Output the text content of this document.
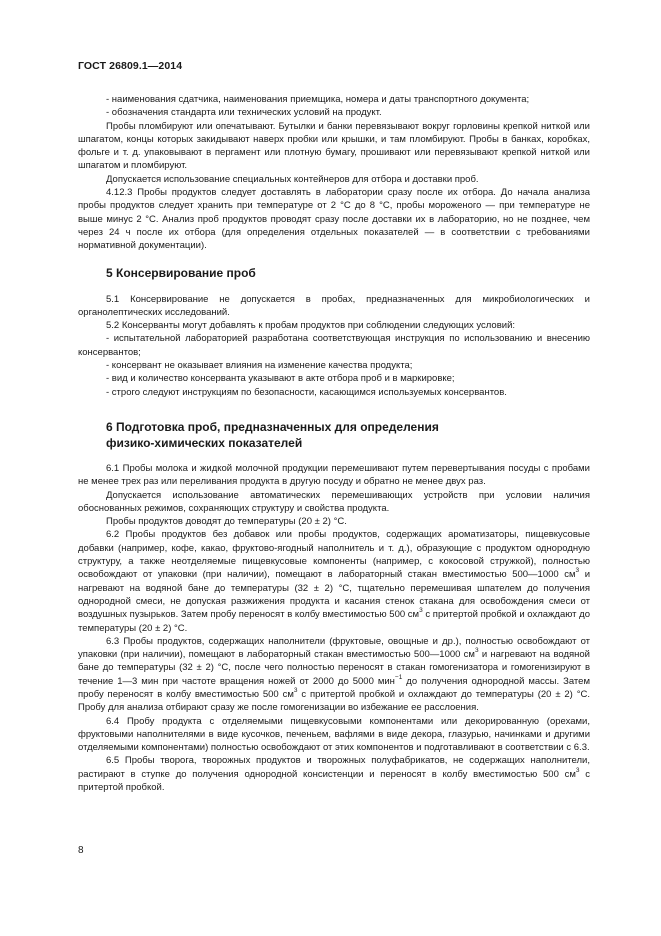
ГОСТ 26809.1—2014

- наименования сдатчика, наименования приемщика, номера и даты транспортного документа;

- обозначения стандарта или технических условий на продукт.

Пробы пломбируют или опечатывают. Бутылки и банки перевязывают вокруг горловины крепкой ниткой или шпагатом, концы которых закидывают наверх пробки или крышки, и там пломбируют. Пробы в банках, коробках, фольге и т. д. упаковывают в пергамент или плотную бумагу, прошивают или перевязывают крепкой ниткой или шпагатом и пломбируют.

Допускается использование специальных контейнеров для отбора и доставки проб.

4.12.3 Пробы продуктов следует доставлять в лаборатории сразу после их отбора. До начала анализа пробы продуктов следует хранить при температуре от 2 °С до 8 °С, пробы мороженого — при температуре не выше минус 2 °С. Анализ проб продуктов проводят сразу после доставки их в лабораторию, но не позднее, чем через 24 ч после их отбора (для определения отдельных показателей — в соответствии с требованиями нормативной документации).

5 Консервирование проб

5.1 Консервирование не допускается в пробах, предназначенных для микробиологических и органолептических исследований.

5.2 Консерванты могут добавлять к пробам продуктов при соблюдении следующих условий:

- испытательной лабораторией разработана соответствующая инструкция по использованию и внесению консервантов;

- консервант не оказывает влияния на изменение качества продукта;

- вид и количество консерванта указывают в акте отбора проб и в маркировке;

- строго следуют инструкциям по безопасности, касающимся используемых консервантов.

6 Подготовка проб, предназначенных для определения
физико-химических показателей

6.1 Пробы молока и жидкой молочной продукции перемешивают путем перевертывания посуды с пробами не менее трех раз или переливания продукта в другую посуду и обратно не менее двух раз.

Допускается использование автоматических перемешивающих устройств при условии наличия обоснованных режимов, сохраняющих структуру и свойства продукта.

Пробы продуктов доводят до температуры (20 ± 2) °С.

6.2 Пробы продуктов без добавок или пробы продуктов, содержащих ароматизаторы, пищевкусовые добавки (например, кофе, какао, фруктово-ягодный наполнитель и т. д.), образующие с продуктом однородную структуру, а также неотделяемые пищевкусовые компоненты (например, с кокосовой стружкой), полностью освобождают от упаковки (при наличии), помещают в лабораторный стакан вместимостью 500—1000 $см^3$ и нагревают на водяной бане до температуры (32 ± 2) °С, тщательно перемешивая шпателем до получения однородной смеси, не допуская разжижения продукта и касания стенок стакана для освобождения смеси от воздушных пузырьков. Затем пробу переносят в колбу вместимостью 500 $см^3$ с притертой пробкой и охлаждают до температуры (20 ± 2) °С.

6.3 Пробы продуктов, содержащих наполнители (фруктовые, овощные и др.), полностью освобождают от упаковки (при наличии), помещают в лабораторный стакан вместимостью 500—1000 $см^3$ и нагревают на водяной бане до температуры (32 ± 2) °С, после чего полностью переносят в стакан гомогенизатора и гомогенизируют в течение 1—3 мин при частоте вращения ножей от 2000 до 5000 мин$^{-1}$ до получения однородной массы. Затем пробу переносят в колбу вместимостью 500 $см^3$ с притертой пробкой и охлаждают до температуры (20 ± 2) °С. Пробу для анализа отбирают сразу же после гомогенизации во избежание ее расслоения.

6.4 Пробу продукта с отделяемыми пищевкусовыми компонентами или декорированную (орехами, фруктовыми наполнителями в виде кусочков, печеньем, вафлями в виде декора, глазурью, начинками и другими отделяемыми компонентами) полностью освобождают от этих компонентов и подготавливают в соответствии с 6.3.

6.5 Пробы творога, творожных продуктов и творожных полуфабрикатов, не содержащих наполнители, растирают в ступке до получения однородной консистенции и переносят в колбу вместимостью 500 $см^3$ с притертой пробкой.

8
